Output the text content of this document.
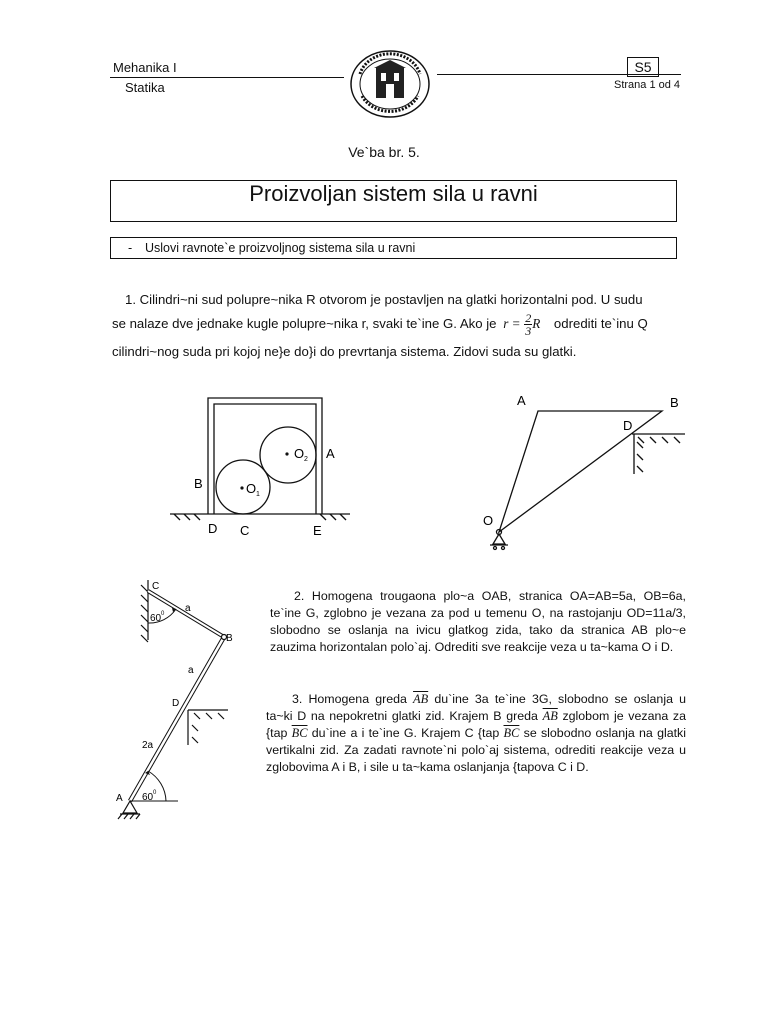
Mehanika I
Statika
S5
Strana 1 od 4
Ve`ba br. 5.
Proizvoljan sistem sila u ravni
- Uslovi ravnote`e proizvoljnog sistema sila u ravni
1. Cilindri~ni sud polupre~nika R otvorom je postavljen na glatki horizontalni pod. U sudu
se nalaze dve jednake kugle polupre~nika r, svaki te`ine G. Ako je $r = \frac{2}{3}$ R odrediti te`inu Q
cilindri~nog suda pri kojoj ne}e do}i do prevrtanja sistema. Zidovi suda su glatki.
O 2 A
B	O 1
D C	E
A	B
D
O
C
B
D
A
a
a
2a
60 0
60 0

2. Homogena trougaona plo~a OAB, stranica OA=AB=5a, OB=6a, te`ine G, zglobno je vezana za pod u temenu O, na rastojanju OD=11a/3, slobodno se oslanja na ivicu glatkog zida, tako da stranica AB plo~e zauzima horizontalan polo`aj. Odrediti sve reakcije veza u ta~kama O i D.

3. Homogena greda $\overline{AB}$ du`ine 3a te`ine 3G, slobodno se oslanja u ta~ki D na nepokretni glatki zid. Krajem B greda $\overline{AB}$ zglobom je vezana za {tap $\overline{BC}$ du`ine a i te`ine G. Krajem C {tap $\overline{BC}$ se slobodno oslanja na glatki vertikalni zid. Za zadati ravnote`ni polo`aj sistema, odrediti reakcije veza u zglobovima A i B, i sile u ta~kama oslanjanja {tapova C i D.
